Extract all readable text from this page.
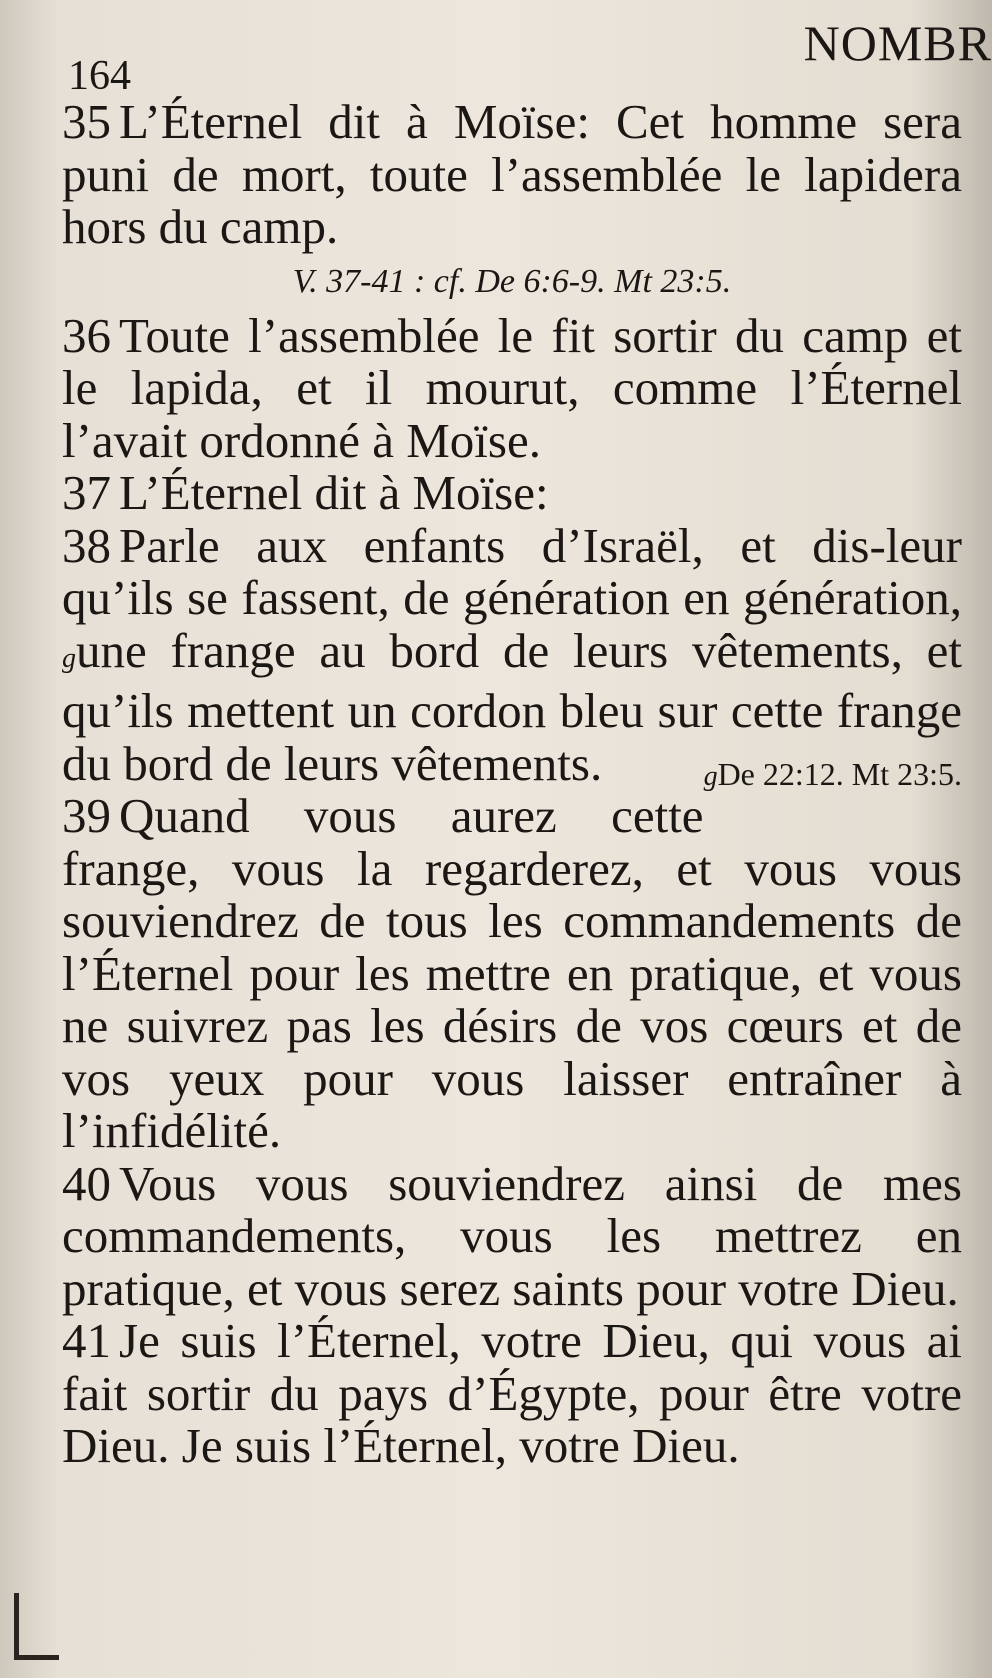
NOMBR
164

35 L’Éternel dit à Moïse: Cet homme sera puni de mort, toute l’assemblée le lapidera hors du camp.

V. 37-41 : cf. De 6:6-9. Mt 23:5.

36 Toute l’assemblée le fit sortir du camp et le lapida, et il mourut, comme l’Éternel l’avait ordonné à Moïse.

37 L’Éternel dit à Moïse:

38 Parle aux enfants d’Israël, et dis-leur qu’ils se fassent, de génération en génération, gune frange au bord de leurs vêtements, et qu’ils mettent un cordon bleu sur cette frange du bord de leurs vêtements.	gDe 22:12. Mt 23:5.

39 Quand vous aurez cette frange, vous la regarderez, et vous vous souviendrez de tous les commandements de l’Éternel pour les mettre en pratique, et vous ne suivrez pas les désirs de vos cœurs et de vos yeux pour vous laisser entraîner à l’infidélité.

40 Vous vous souviendrez ainsi de mes commandements, vous les mettrez en pratique, et vous serez saints pour votre Dieu.

41 Je suis l’Éternel, votre Dieu, qui vous ai fait sortir du pays d’Égypte, pour être votre Dieu. Je suis l’Éternel, votre Dieu.
